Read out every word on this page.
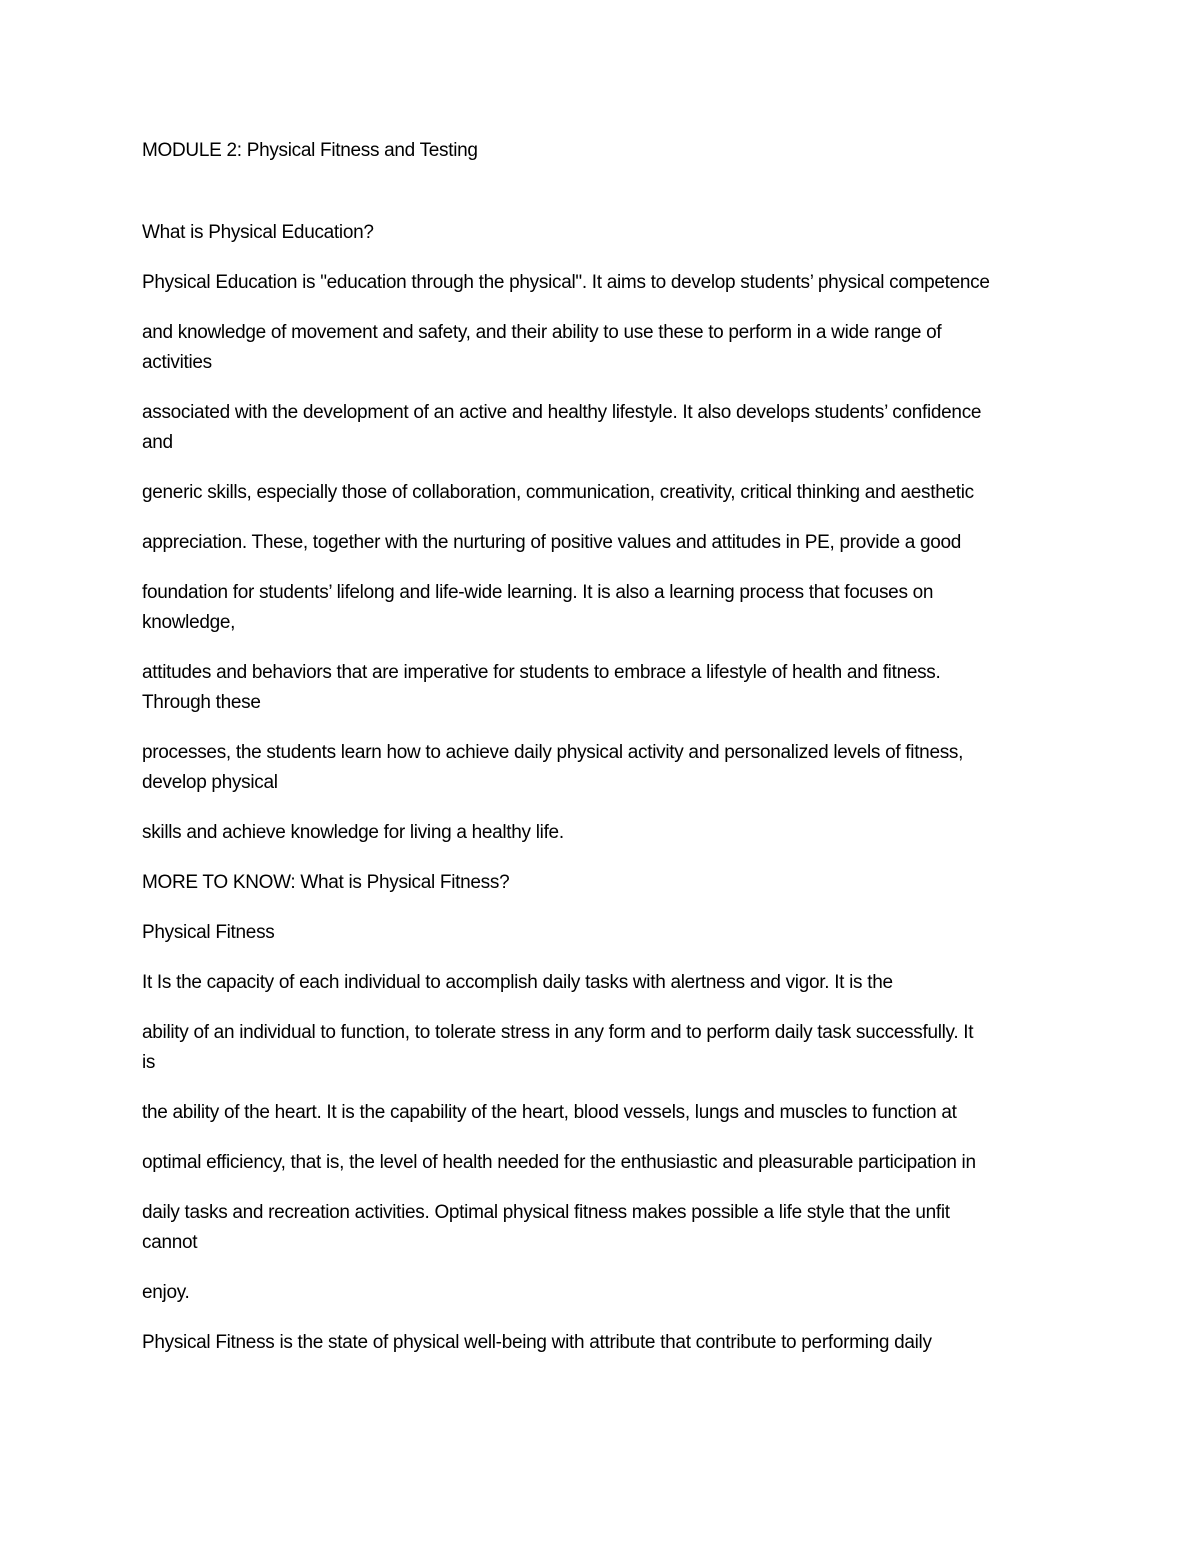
MODULE 2: Physical Fitness and Testing
What is Physical Education?
Physical Education is "education through the physical". It aims to develop students’ physical competence
and knowledge of movement and safety, and their ability to use these to perform in a wide range of
activities
associated with the development of an active and healthy lifestyle. It also develops students’ confidence
and
generic skills, especially those of collaboration, communication, creativity, critical thinking and aesthetic
appreciation. These, together with the nurturing of positive values and attitudes in PE, provide a good
foundation for students’ lifelong and life-wide learning. It is also a learning process that focuses on
knowledge,
attitudes and behaviors that are imperative for students to embrace a lifestyle of health and fitness.
Through these
processes, the students learn how to achieve daily physical activity and personalized levels of fitness,
develop physical
skills and achieve knowledge for living a healthy life.
MORE TO KNOW: What is Physical Fitness?
Physical Fitness
It Is the capacity of each individual to accomplish daily tasks with alertness and vigor. It is the
ability of an individual to function, to tolerate stress in any form and to perform daily task successfully. It
is
the ability of the heart. It is the capability of the heart, blood vessels, lungs and muscles to function at
optimal efficiency, that is, the level of health needed for the enthusiastic and pleasurable participation in
daily tasks and recreation activities. Optimal physical fitness makes possible a life style that the unfit
cannot
enjoy.
Physical Fitness is the state of physical well-being with attribute that contribute to performing daily
